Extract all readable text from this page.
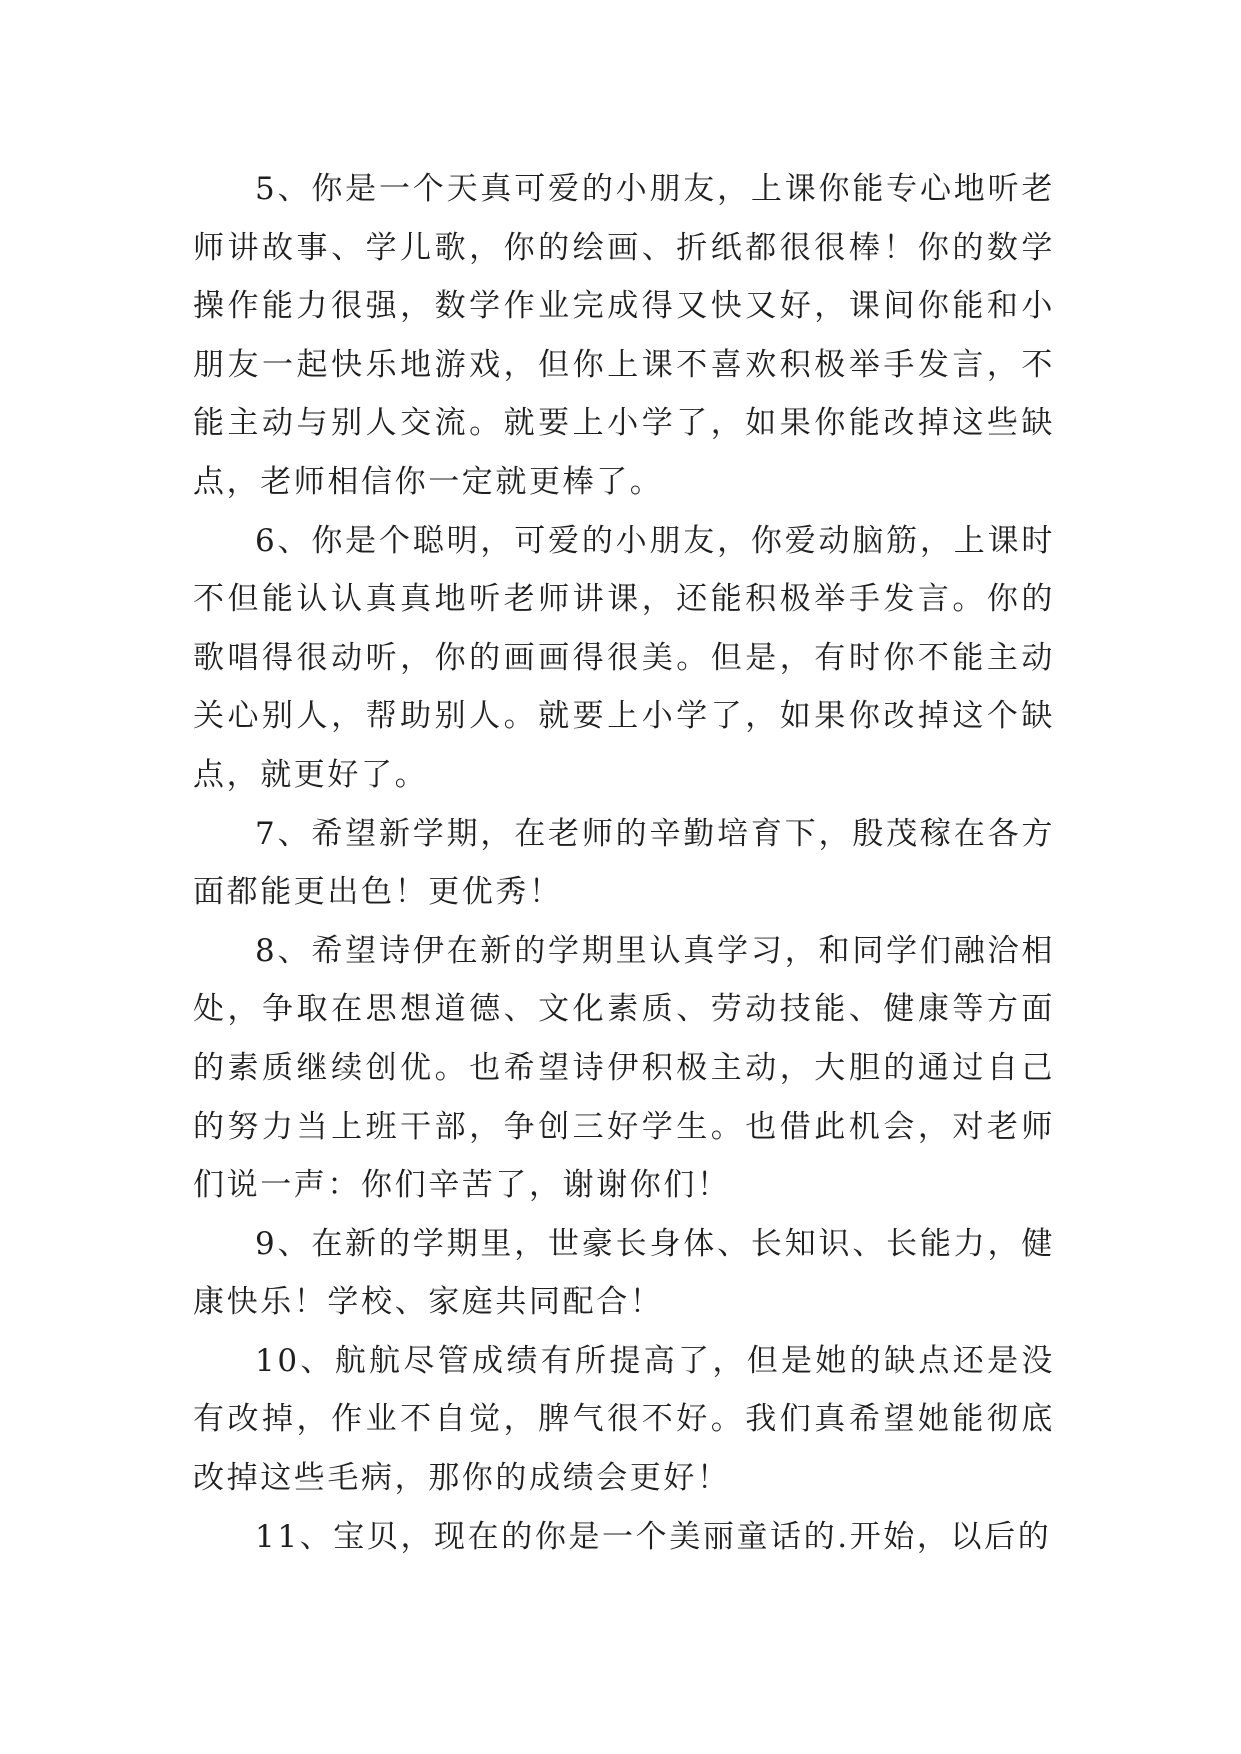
5、你是一个天真可爱的小朋友，上课你能专心地听老师讲故事、学儿歌，你的绘画、折纸都很很棒！你的数学操作能力很强，数学作业完成得又快又好，课间你能和小朋友一起快乐地游戏，但你上课不喜欢积极举手发言，不能主动与别人交流。就要上小学了，如果你能改掉这些缺点，老师相信你一定就更棒了。

6、你是个聪明，可爱的小朋友，你爱动脑筋，上课时不但能认认真真地听老师讲课，还能积极举手发言。你的歌唱得很动听，你的画画得很美。但是，有时你不能主动关心别人，帮助别人。就要上小学了，如果你改掉这个缺点，就更好了。

7、希望新学期，在老师的辛勤培育下，殷茂稼在各方面都能更出色！更优秀！

8、希望诗伊在新的学期里认真学习，和同学们融洽相处，争取在思想道德、文化素质、劳动技能、健康等方面的素质继续创优。也希望诗伊积极主动，大胆的通过自己的努力当上班干部，争创三好学生。也借此机会，对老师们说一声：你们辛苦了，谢谢你们！

9、在新的学期里，世豪长身体、长知识、长能力，健康快乐！学校、家庭共同配合！

10、航航尽管成绩有所提高了，但是她的缺点还是没有改掉，作业不自觉，脾气很不好。我们真希望她能彻底改掉这些毛病，那你的成绩会更好！

11、宝贝，现在的你是一个美丽童话的.开始，以后的
